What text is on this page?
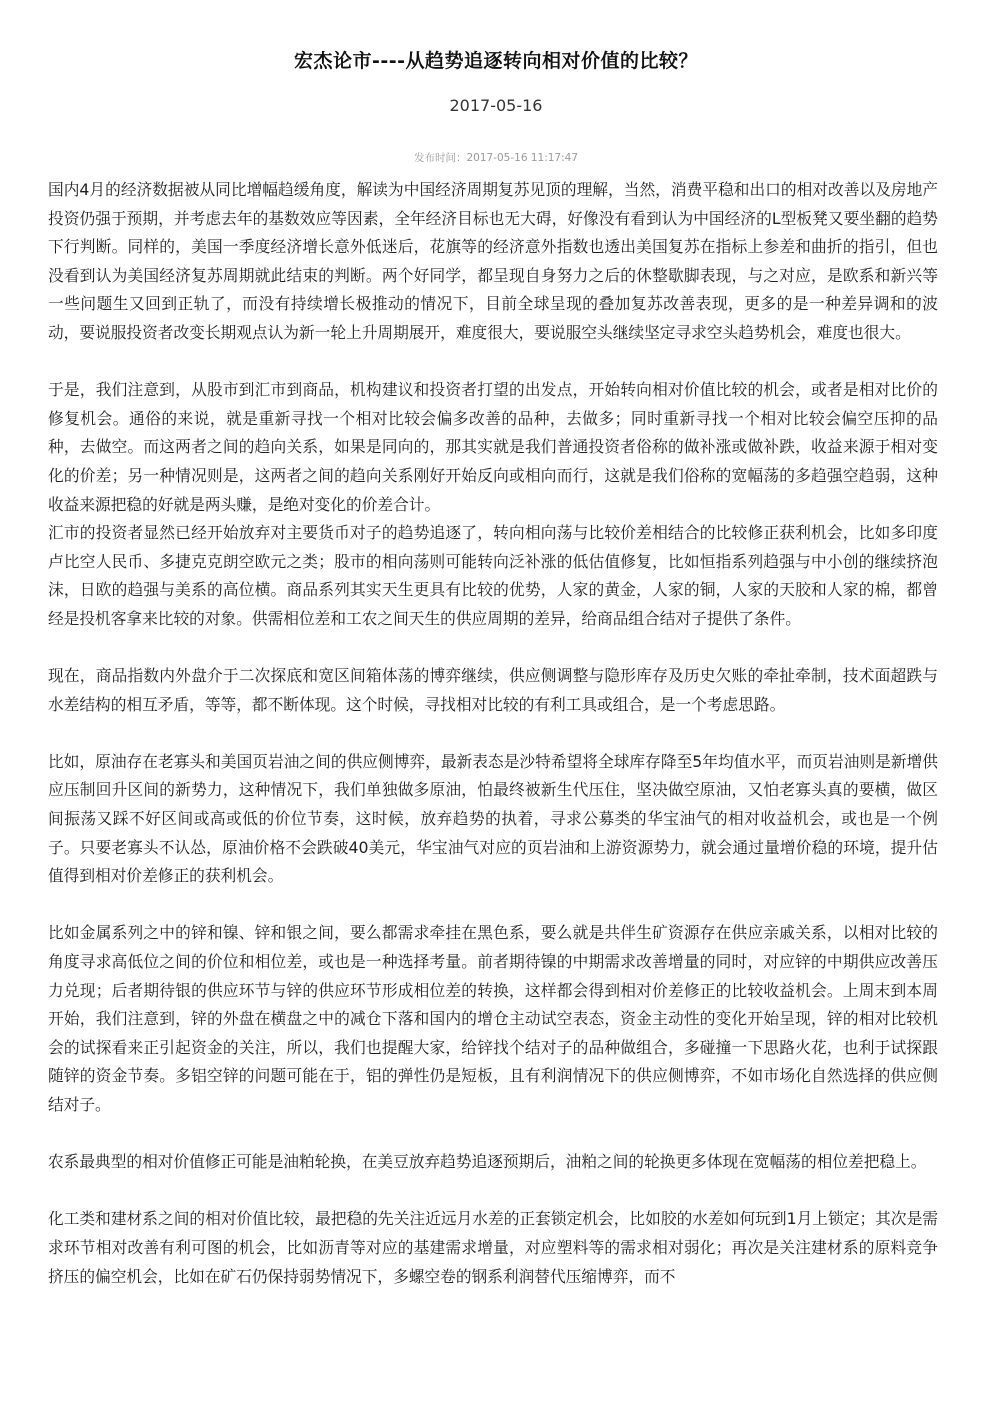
宏杰论市----从趋势追逐转向相对价值的比较？
2017-05-16
发布时间：2017-05-16 11:17:47

国内4月的经济数据被从同比增幅趋缓角度，解读为中国经济周期复苏见顶的理解，当然，消费平稳和出口的相对改善以及房地产投资仍强于预期，并考虑去年的基数效应等因素，全年经济目标也无大碍，好像没有看到认为中国经济的L型板凳又要坐翻的趋势下行判断。同样的，美国一季度经济增长意外低迷后，花旗等的经济意外指数也透出美国复苏在指标上参差和曲折的指引，但也没看到认为美国经济复苏周期就此结束的判断。两个好同学，都呈现自身努力之后的休整歇脚表现，与之对应，是欧系和新兴等一些问题生又回到正轨了，而没有持续增长极推动的情况下，目前全球呈现的叠加复苏改善表现，更多的是一种差异调和的波动，要说服投资者改变长期观点认为新一轮上升周期展开，难度很大，要说服空头继续坚定寻求空头趋势机会，难度也很大。

于是，我们注意到，从股市到汇市到商品，机构建议和投资者打望的出发点，开始转向相对价值比较的机会，或者是相对比价的修复机会。通俗的来说，就是重新寻找一个相对比较会偏多改善的品种，去做多；同时重新寻找一个相对比较会偏空压抑的品种，去做空。而这两者之间的趋向关系，如果是同向的，那其实就是我们普通投资者俗称的做补涨或做补跌，收益来源于相对变化的价差；另一种情况则是，这两者之间的趋向关系刚好开始反向或相向而行，这就是我们俗称的宽幅荡的多趋强空趋弱，这种收益来源把稳的好就是两头赚，是绝对变化的价差合计。

汇市的投资者显然已经开始放弃对主要货币对子的趋势追逐了，转向相向荡与比较价差相结合的比较修正获利机会，比如多印度卢比空人民币、多捷克克朗空欧元之类；股市的相向荡则可能转向泛补涨的低估值修复，比如恒指系列趋强与中小创的继续挤泡沫，日欧的趋强与美系的高位横。商品系列其实天生更具有比较的优势，人家的黄金，人家的铜，人家的天胶和人家的棉，都曾经是投机客拿来比较的对象。供需相位差和工农之间天生的供应周期的差异，给商品组合结对子提供了条件。

现在，商品指数内外盘介于二次探底和宽区间箱体荡的博弈继续，供应侧调整与隐形库存及历史欠账的牵扯牵制，技术面超跌与水差结构的相互矛盾，等等，都不断体现。这个时候，寻找相对比较的有利工具或组合，是一个考虑思路。

比如，原油存在老寡头和美国页岩油之间的供应侧博弈，最新表态是沙特希望将全球库存降至5年均值水平，而页岩油则是新增供应压制回升区间的新势力，这种情况下，我们单独做多原油，怕最终被新生代压住，坚决做空原油，又怕老寡头真的要横，做区间振荡又踩不好区间或高或低的价位节奏，这时候，放弃趋势的执着，寻求公募类的华宝油气的相对收益机会，或也是一个例子。只要老寡头不认怂，原油价格不会跌破40美元，华宝油气对应的页岩油和上游资源势力，就会通过量增价稳的环境，提升估值得到相对价差修正的获利机会。

比如金属系列之中的锌和镍、锌和银之间，要么都需求牵挂在黑色系，要么就是共伴生矿资源存在供应亲戚关系，以相对比较的角度寻求高低位之间的价位和相位差，或也是一种选择考量。前者期待镍的中期需求改善增量的同时，对应锌的中期供应改善压力兑现；后者期待银的供应环节与锌的供应环节形成相位差的转换，这样都会得到相对价差修正的比较收益机会。上周末到本周开始，我们注意到，锌的外盘在横盘之中的减仓下落和国内的增仓主动试空表态，资金主动性的变化开始呈现，锌的相对比较机会的试探看来正引起资金的关注，所以，我们也提醒大家，给锌找个结对子的品种做组合，多碰撞一下思路火花，也利于试探跟随锌的资金节奏。多铝空锌的问题可能在于，铝的弹性仍是短板，且有利润情况下的供应侧博弈，不如市场化自然选择的供应侧结对子。

农系最典型的相对价值修正可能是油粕轮换，在美豆放弃趋势追逐预期后，油粕之间的轮换更多体现在宽幅荡的相位差把稳上。

化工类和建材系之间的相对价值比较，最把稳的先关注近远月水差的正套锁定机会，比如胶的水差如何玩到1月上锁定；其次是需求环节相对改善有利可图的机会，比如沥青等对应的基建需求增量，对应塑料等的需求相对弱化；再次是关注建材系的原料竞争挤压的偏空机会，比如在矿石仍保持弱势情况下，多螺空卷的钢系利润替代压缩博弈，而不
